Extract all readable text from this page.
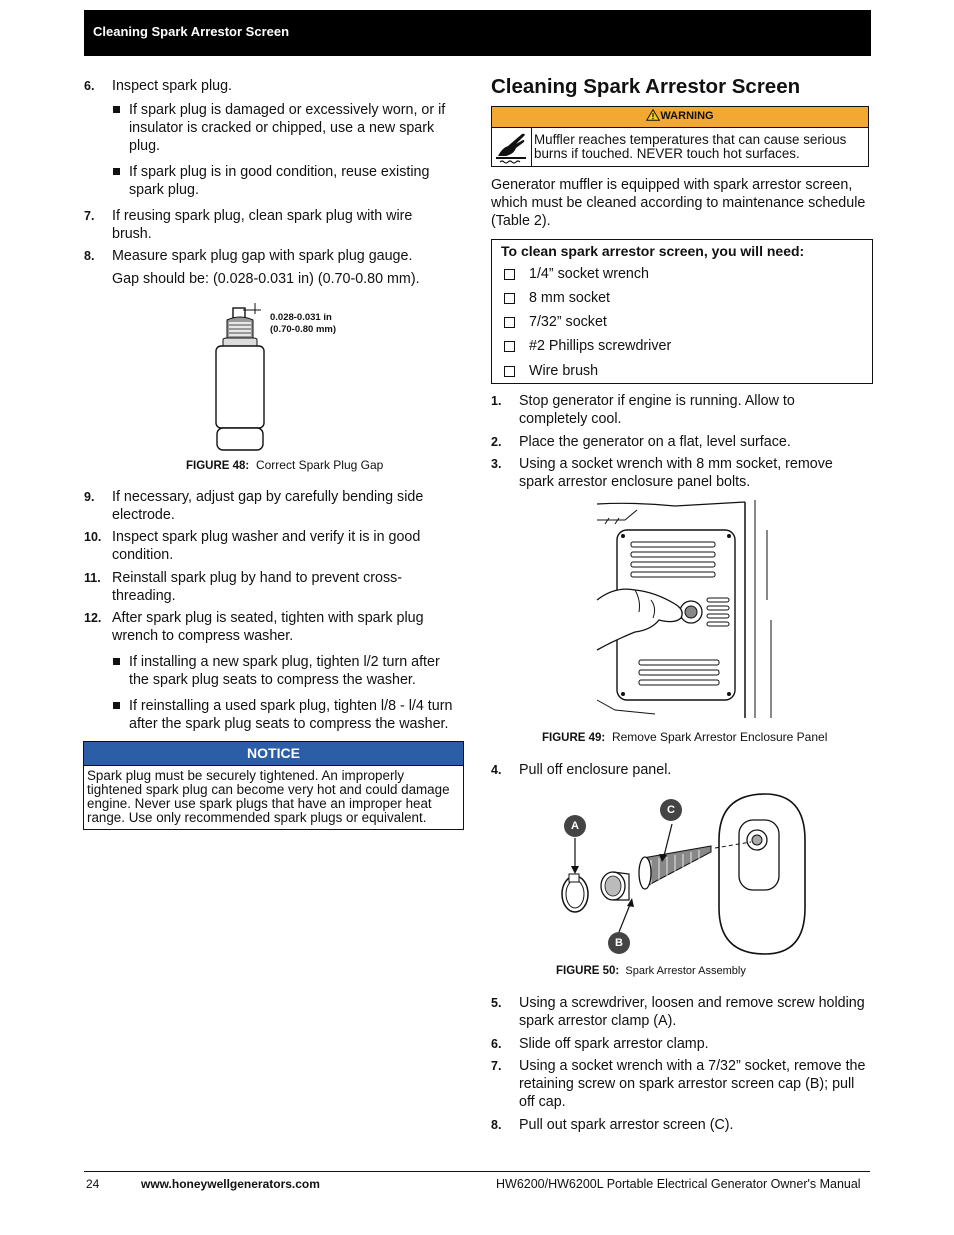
Cleaning Spark Arrestor Screen
6. Inspect spark plug.
If spark plug is damaged or excessively worn, or if insulator is cracked or chipped, use a new spark plug.
If spark plug is in good condition, reuse existing spark plug.
7. If reusing spark plug, clean spark plug with wire brush.
8. Measure spark plug gap with spark plug gauge.
Gap should be: (0.028-0.031 in) (0.70-0.80 mm).
0.028-0.031 in
(0.70-0.80 mm)
FIGURE 48: Correct Spark Plug Gap
9. If necessary, adjust gap by carefully bending side electrode.
10. Inspect spark plug washer and verify it is in good condition.
11. Reinstall spark plug by hand to prevent cross-threading.
12. After spark plug is seated, tighten with spark plug wrench to compress washer.
If installing a new spark plug, tighten l/2 turn after the spark plug seats to compress the washer.
If reinstalling a used spark plug, tighten l/8 - l/4 turn after the spark plug seats to compress the washer.
NOTICE
Spark plug must be securely tightened. An improperly tightened spark plug can become very hot and could damage engine. Never use spark plugs that have an improper heat range. Use only recommended spark plugs or equivalent.
Cleaning Spark Arrestor Screen
WARNING
Muffler reaches temperatures that can cause serious burns if touched. NEVER touch hot surfaces.
Generator muffler is equipped with spark arrestor screen, which must be cleaned according to maintenance schedule (Table 2).
To clean spark arrestor screen, you will need:
1/4” socket wrench
8 mm socket
7/32” socket
#2 Phillips screwdriver
Wire brush
1. Stop generator if engine is running. Allow to completely cool.
2. Place the generator on a flat, level surface.
3. Using a socket wrench with 8 mm socket, remove spark arrestor enclosure panel bolts.
FIGURE 49: Remove Spark Arrestor Enclosure Panel
4. Pull off enclosure panel.
A
C
B
FIGURE 50: Spark Arrestor Assembly
5. Using a screwdriver, loosen and remove screw holding spark arrestor clamp (A).
6. Slide off spark arrestor clamp.
7. Using a socket wrench with a 7/32” socket, remove the retaining screw on spark arrestor screen cap (B); pull off cap.
8. Pull out spark arrestor screen (C).
24	www.honeywellgenerators.com	HW6200/HW6200L Portable Electrical Generator Owner's Manual
